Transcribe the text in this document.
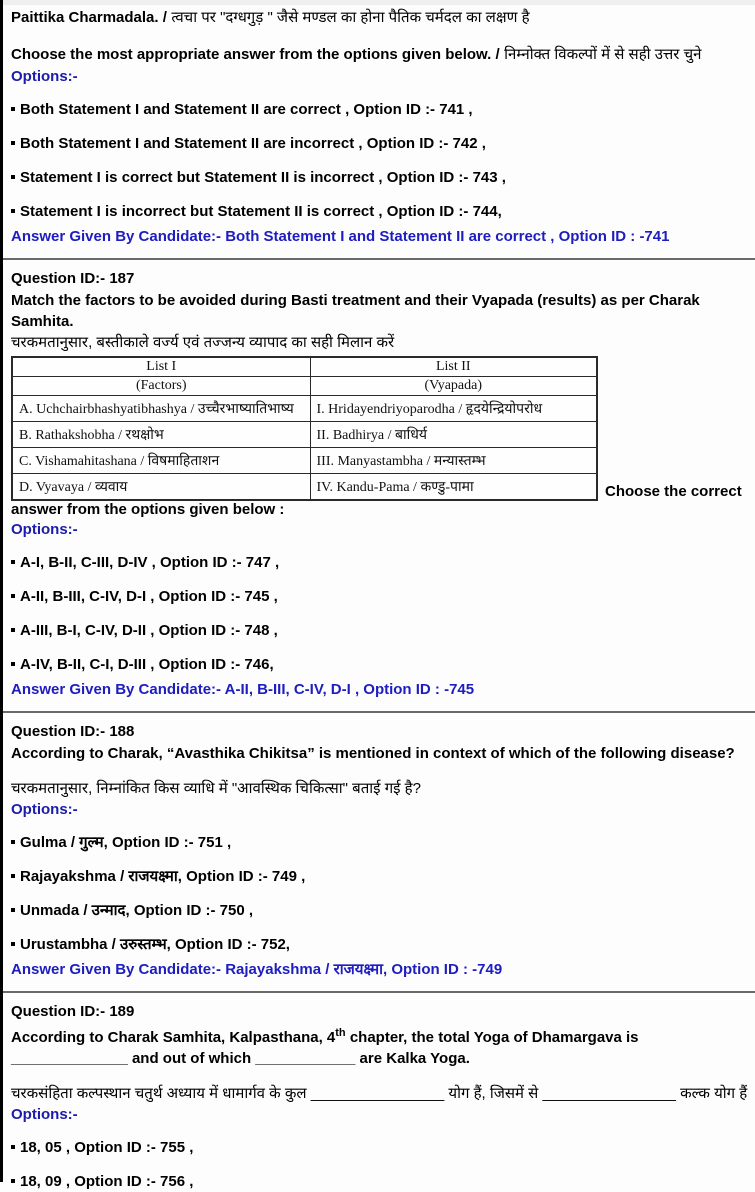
Paittika Charmadala. / त्वचा पर "दग्धगुड़ " जैसे मण्डल का होना पैतिक चर्मदल का लक्षण है

Choose the most appropriate answer from the options given below. / निम्नोक्त विकल्पों में से सही उत्तर चुने

Options:-

Both Statement I and Statement II are correct , Option ID :- 741 ,
Both Statement I and Statement II are incorrect , Option ID :- 742 ,
Statement I is correct but Statement II is incorrect , Option ID :- 743 ,
Statement I is incorrect but Statement II is correct , Option ID :- 744,

Answer Given By Candidate:- Both Statement I and Statement II are correct , Option ID : -741

Question ID:- 187

Match the factors to be avoided during Basti treatment and their Vyapada (results) as per Charak Samhita.

चरकमतानुसार, बस्तीकाले वर्ज्य एवं तज्जन्य व्यापाद का सही मिलान करें

List I	List II
(Factors)	(Vyapada)
A. Uchchairbhashyatibhashya / उच्चैरभाष्यातिभाष्य	I. Hridayendriyoparodha / हृदयेन्द्रियोपरोध
B. Rathakshobha / रथक्षोभ	II. Badhirya / बाधिर्य
C. Vishamahitashana / विषमाहिताशन	III. Manyastambha / मन्यास्तम्भ
D. Vyavaya / व्यवाय	IV. Kandu-Pama / कण्डु-पामा	Choose the correct answer from the options given below :

Options:-

A-I, B-II, C-III, D-IV , Option ID :- 747 ,
A-II, B-III, C-IV, D-I , Option ID :- 745 ,
A-III, B-I, C-IV, D-II , Option ID :- 748 ,
A-IV, B-II, C-I, D-III , Option ID :- 746,

Answer Given By Candidate:- A-II, B-III, C-IV, D-I , Option ID : -745

Question ID:- 188

According to Charak, “Avasthika Chikitsa” is mentioned in context of which of the following disease?

चरकमतानुसार, निम्नांकित किस व्याधि में "आवस्थिक चिकित्सा" बताई गई है?

Options:-

Gulma / गुल्म, Option ID :- 751 ,
Rajayakshma / राजयक्ष्मा, Option ID :- 749 ,
Unmada / उन्माद, Option ID :- 750 ,
Urustambha / उरुस्तम्भ, Option ID :- 752,

Answer Given By Candidate:- Rajayakshma / राजयक्ष्मा, Option ID : -749

Question ID:- 189

According to Charak Samhita, Kalpasthana, 4th chapter, the total Yoga of Dhamargava is ______________ and out of which ____________ are Kalka Yoga.

चरकसंहिता कल्पस्थान चतुर्थ अध्याय में धामार्गव के कुल ________________ योग हैं, जिसमें से ________________ कल्क योग हैं

Options:-

18, 05 , Option ID :- 755 ,
18, 09 , Option ID :- 756 ,
